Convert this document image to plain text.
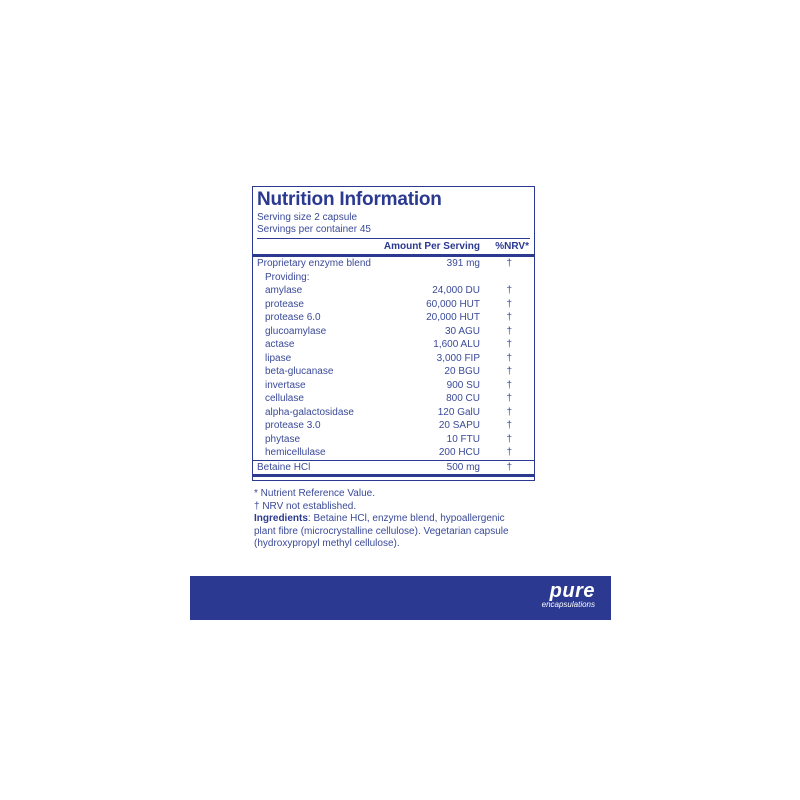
Nutrition Information
Serving size 2 capsule
Servings per container 45
Amount Per Serving %NRV*
Proprietary enzyme blend	391 mg	†
Providing:
amylase	24,000 DU	†
protease	60,000 HUT	†
protease 6.0	20,000 HUT	†
glucoamylase	30 AGU	†
actase	1,600 ALU	†
lipase	3,000 FIP	†
beta-glucanase	20 BGU	†
invertase	900 SU	†
cellulase	800 CU	†
alpha-galactosidase	120 GalU	†
protease 3.0	20 SAPU	†
phytase	10 FTU	†
hemicellulase	200 HCU	†
Betaine HCl	500 mg	†
* Nutrient Reference Value.
† NRV not established.
Ingredients: Betaine HCl, enzyme blend, hypoallergenic
plant fibre (microcrystalline cellulose). Vegetarian capsule
(hydroxypropyl methyl cellulose).
pure
encapsulations
